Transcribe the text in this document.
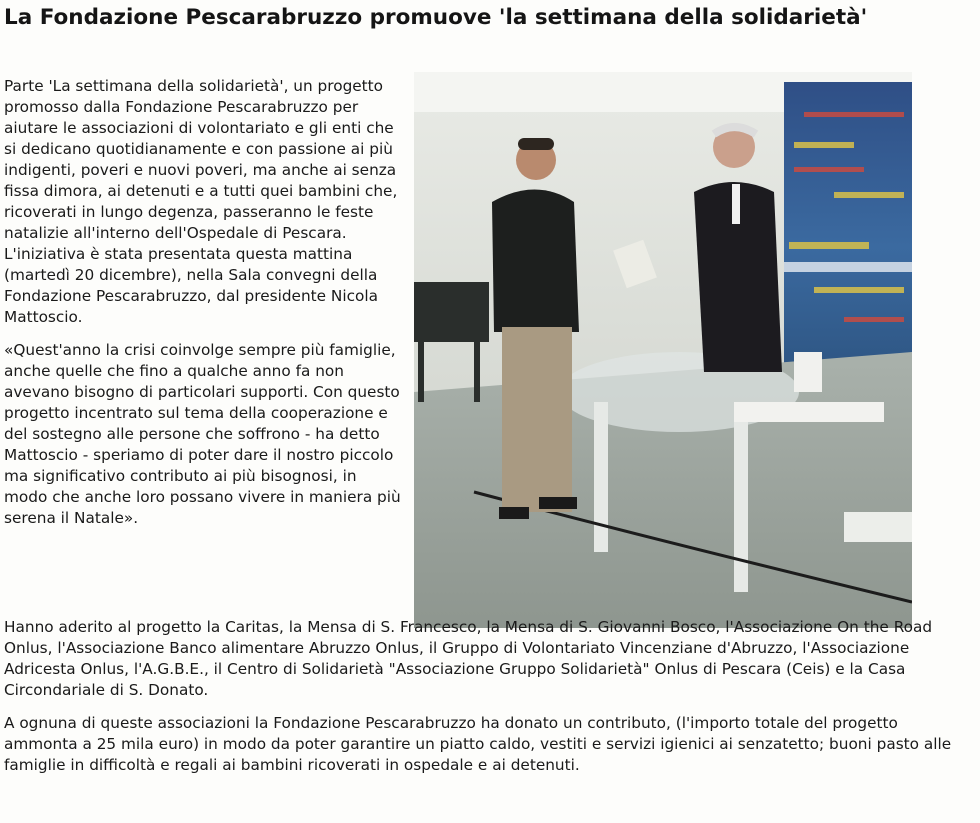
La Fondazione Pescarabruzzo promuove 'la settimana della solidarietà'

Parte 'La settimana della solidarietà', un progetto promosso dalla Fondazione Pescarabruzzo per aiutare le associazioni di volontariato e gli enti che si dedicano quotidianamente e con passione ai più indigenti, poveri e nuovi poveri, ma anche ai senza fissa dimora, ai detenuti e a tutti quei bambini che, ricoverati in lungo degenza, passeranno le feste natalizie all'interno dell'Ospedale di Pescara. L'iniziativa è stata presentata questa mattina (martedì 20 dicembre), nella Sala convegni della Fondazione Pescarabruzzo, dal presidente Nicola Mattoscio.

«Quest'anno la crisi coinvolge sempre più famiglie, anche quelle che fino a qualche anno fa non avevano bisogno di particolari supporti. Con questo progetto incentrato sul tema della cooperazione e del sostegno alle persone che soffrono - ha detto Mattoscio - speriamo di poter dare il nostro piccolo ma significativo contributo ai più bisognosi, in modo che anche loro possano vivere in maniera più serena il Natale».

Hanno aderito al progetto la Caritas, la Mensa di S. Francesco, la Mensa di S. Giovanni Bosco, l'Associazione On the Road Onlus, l'Associazione Banco alimentare Abruzzo Onlus, il Gruppo di Volontariato Vincenziane d'Abruzzo, l'Associazione Adricesta Onlus, l'A.G.B.E., il Centro di Solidarietà "Associazione Gruppo Solidarietà" Onlus di Pescara (Ceis) e la Casa Circondariale di S. Donato.

A ognuna di queste associazioni la Fondazione Pescarabruzzo ha donato un contributo, (l'importo totale del progetto ammonta a 25 mila euro) in modo da poter garantire un piatto caldo, vestiti e servizi igienici ai senzatetto; buoni pasto alle famiglie in difficoltà e regali ai bambini ricoverati in ospedale e ai detenuti.
